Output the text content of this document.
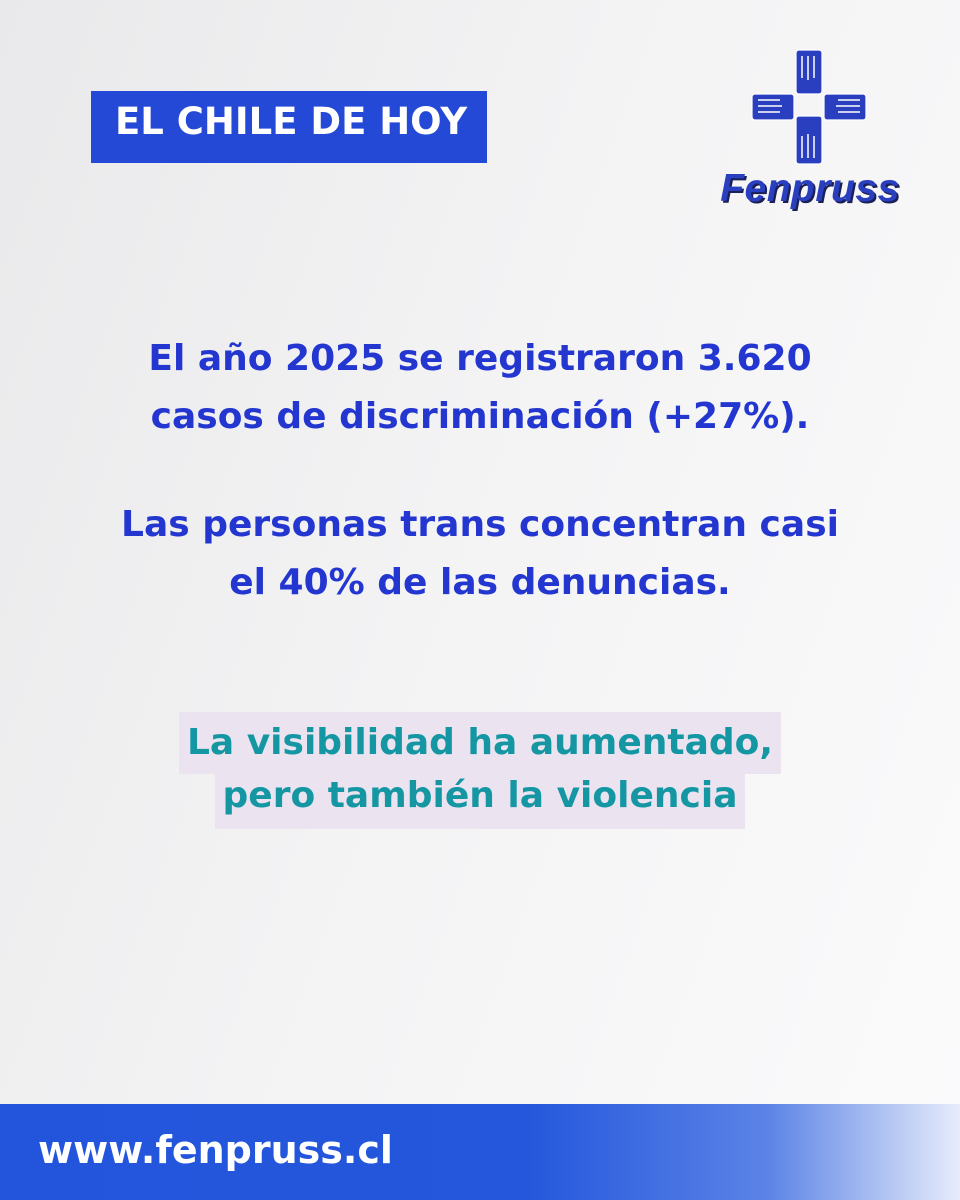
EL CHILE DE HOY
Fenpruss
El año 2025 se registraron 3.620
casos de discriminación (+27%).
Las personas trans concentran casi
el 40% de las denuncias.
La visibilidad ha aumentado,
pero también la violencia
www.fenpruss.cl
